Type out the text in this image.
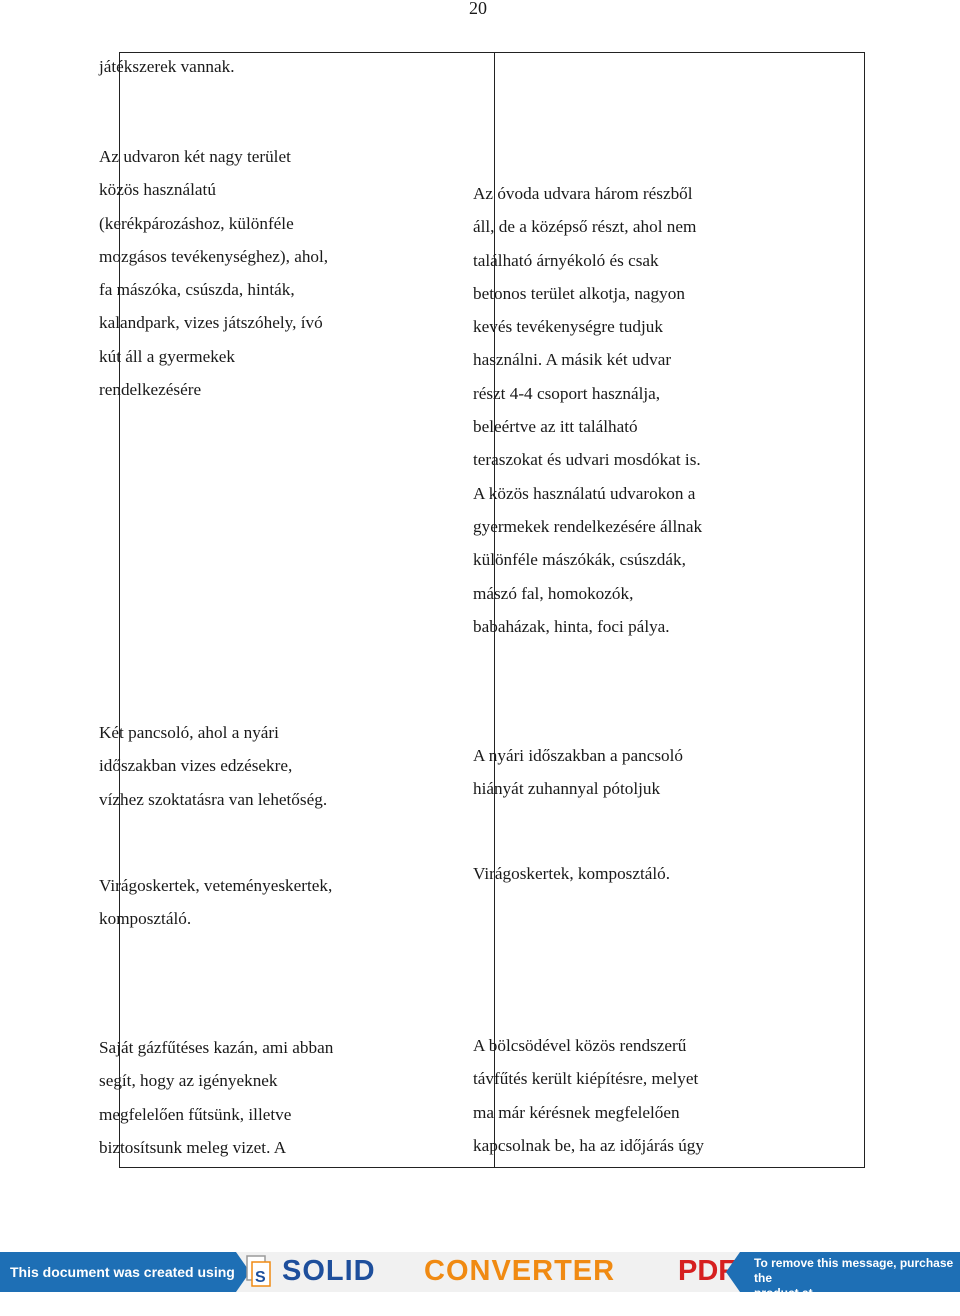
20

játékszerek vannak.

Az udvaron két nagy terület

közös használatú

(kerékpározáshoz, különféle

mozgásos tevékenységhez), ahol,

fa mászóka, csúszda, hinták,

kalandpark, vizes játszóhely, ívó

kút áll a gyermekek

rendelkezésére

Két pancsoló, ahol a nyári

időszakban vizes edzésekre,

vízhez szoktatásra van lehetőség.

Virágoskertek, veteményeskertek,

komposztáló.

Saját gázfűtéses kazán, ami abban

segít, hogy az igényeknek

megfelelően fűtsünk, illetve

biztosítsunk meleg vizet. A

Az óvoda udvara három részből

áll, de a középső részt, ahol nem

található árnyékoló és csak

betonos terület alkotja, nagyon

kevés tevékenységre tudjuk

használni. A másik két udvar

részt 4-4 csoport használja,

beleértve az itt található

teraszokat és udvari mosdókat is.

A közös használatú udvarokon a

gyermekek rendelkezésére állnak

különféle mászókák, csúszdák,

mászó fal, homokozók,

babaházak, hinta, foci pálya.

A nyári időszakban a pancsoló

hiányát zuhannyal pótoljuk

Virágoskertek, komposztáló.

A bölcsödével közös rendszerű

távfűtés került kiépítésre, melyet

ma már kérésnek megfelelően

kapcsolnak be, ha az időjárás úgy

This document was created using S SOLID CONVERTER PDF To remove this message, purchase the
product at www.SolidDocuments.com
